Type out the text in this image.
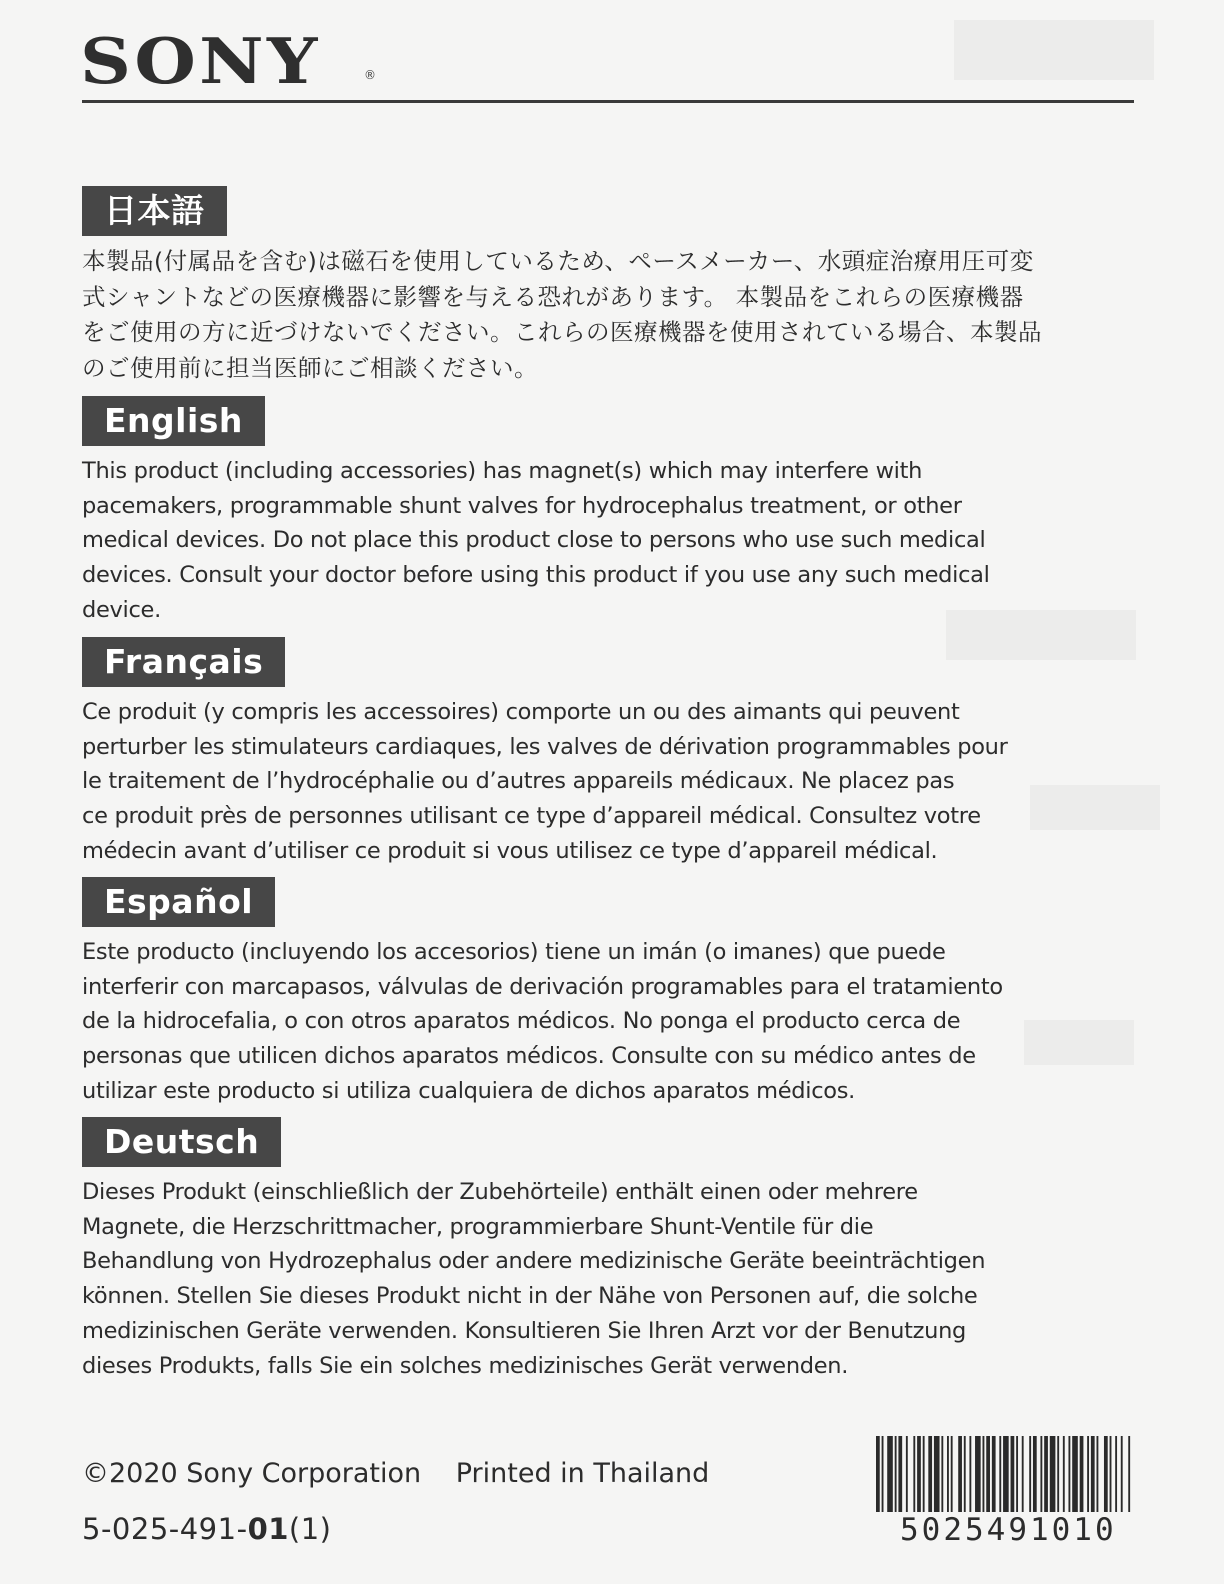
SONY	®
日本語
本製品(付属品を含む)は磁石を使用しているため、ペースメーカー、水頭症治療用圧可変
式シャントなどの医療機器に影響を与える恐れがあります。 本製品をこれらの医療機器
をご使用の方に近づけないでください。これらの医療機器を使用されている場合、本製品
のご使用前に担当医師にご相談ください。
English
This product (including accessories) has magnet(s) which may interfere with
pacemakers, programmable shunt valves for hydrocephalus treatment, or other
medical devices. Do not place this product close to persons who use such medical
devices. Consult your doctor before using this product if you use any such medical
device.
Français
Ce produit (y compris les accessoires) comporte un ou des aimants qui peuvent
perturber les stimulateurs cardiaques, les valves de dérivation programmables pour
le traitement de l’hydrocéphalie ou d’autres appareils médicaux. Ne placez pas
ce produit près de personnes utilisant ce type d’appareil médical. Consultez votre
médecin avant d’utiliser ce produit si vous utilisez ce type d’appareil médical.
Español
Este producto (incluyendo los accesorios) tiene un imán (o imanes) que puede
interferir con marcapasos, válvulas de derivación programables para el tratamiento
de la hidrocefalia, o con otros aparatos médicos. No ponga el producto cerca de
personas que utilicen dichos aparatos médicos. Consulte con su médico antes de
utilizar este producto si utiliza cualquiera de dichos aparatos médicos.
Deutsch
Dieses Produkt (einschließlich der Zubehörteile) enthält einen oder mehrere
Magnete, die Herzschrittmacher, programmierbare Shunt-Ventile für die
Behandlung von Hydrozephalus oder andere medizinische Geräte beeinträchtigen
können. Stellen Sie dieses Produkt nicht in der Nähe von Personen auf, die solche
medizinischen Geräte verwenden. Konsultieren Sie Ihren Arzt vor der Benutzung
dieses Produkts, falls Sie ein solches medizinisches Gerät verwenden.
©2020 Sony Corporation Printed in Thailand
5-025-491-01(1)	5025491010
